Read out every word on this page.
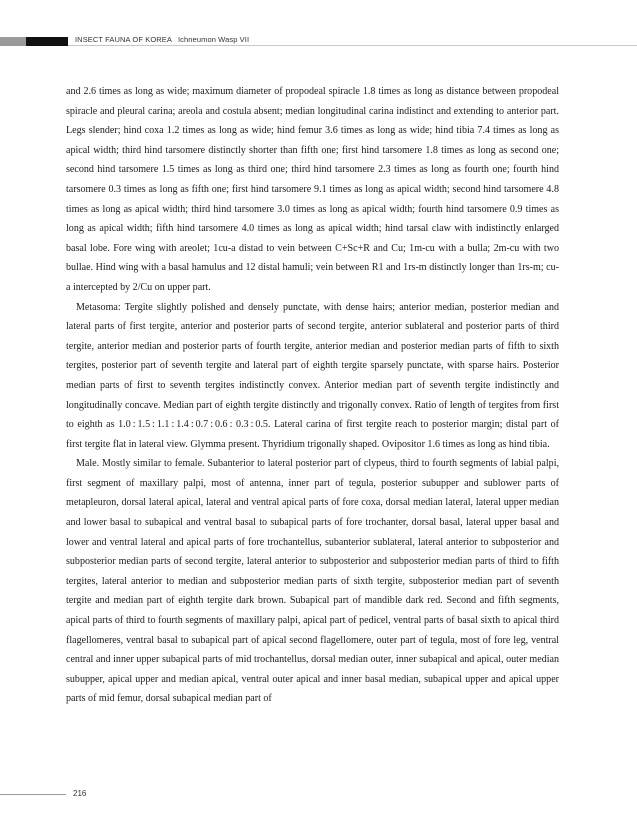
INSECT FAUNA OF KOREA Ichneumon Wasp VII

and 2.6 times as long as wide; maximum diameter of propodeal spiracle 1.8 times as long as distance between propodeal spiracle and pleural carina; areola and costula absent; median longitudinal carina indistinct and extending to anterior part. Legs slender; hind coxa 1.2 times as long as wide; hind femur 3.6 times as long as wide; hind tibia 7.4 times as long as apical width; third hind tarsomere distinctly shorter than fifth one; first hind tarsomere 1.8 times as long as second one; second hind tarsomere 1.5 times as long as third one; third hind tarsomere 2.3 times as long as fourth one; fourth hind tarsomere 0.3 times as long as fifth one; first hind tarsomere 9.1 times as long as apical width; second hind tarsomere 4.8 times as long as apical width; third hind tarsomere 3.0 times as long as apical width; fourth hind tarsomere 0.9 times as long as apical width; fifth hind tarsomere 4.0 times as long as apical width; hind tarsal claw with indistinctly enlarged basal lobe. Fore wing with areolet; 1cu-a distad to vein between C+Sc+R and Cu; 1m-cu with a bulla; 2m-cu with two bullae. Hind wing with a basal hamulus and 12 distal hamuli; vein between R1 and 1rs-m distinctly longer than 1rs-m; cu-a intercepted by 2/Cu on upper part.

Metasoma: Tergite slightly polished and densely punctate, with dense hairs; anterior median, posterior median and lateral parts of first tergite, anterior and posterior parts of second tergite, anterior sublateral and posterior parts of third tergite, anterior median and posterior parts of fourth tergite, anterior median and posterior median parts of fifth to sixth tergites, posterior part of seventh tergite and lateral part of eighth tergite sparsely punctate, with sparse hairs. Posterior median parts of first to seventh tergites indistinctly convex. Anterior median part of seventh tergite indistinctly and longitudinally concave. Median part of eighth tergite distinctly and trigonally convex. Ratio of length of tergites from first to eighth as 1.0 : 1.5 : 1.1 : 1.4 : 0.7 : 0.6 : 0.3 : 0.5. Lateral carina of first tergite reach to posterior margin; distal part of first tergite flat in lateral view. Glymma present. Thyridium trigonally shaped. Ovipositor 1.6 times as long as hind tibia.

Male. Mostly similar to female. Subanterior to lateral posterior part of clypeus, third to fourth segments of labial palpi, first segment of maxillary palpi, most of antenna, inner part of tegula, posterior subupper and sublower parts of metapleuron, dorsal lateral apical, lateral and ventral apical parts of fore coxa, dorsal median lateral, lateral upper median and lower basal to subapical and ventral basal to subapical parts of fore trochanter, dorsal basal, lateral upper basal and lower and ventral lateral and apical parts of fore trochantellus, subanterior sublateral, lateral anterior to subposterior and subposterior median parts of second tergite, lateral anterior to subposterior and subposterior median parts of third to fifth tergites, lateral anterior to median and subposterior median parts of sixth tergite, subposterior median part of seventh tergite and median part of eighth tergite dark brown. Subapical part of mandible dark red. Second and fifth segments, apical parts of third to fourth segments of maxillary palpi, apical part of pedicel, ventral parts of basal sixth to apical third flagellomeres, ventral basal to subapical part of apical second flagellomere, outer part of tegula, most of fore leg, ventral central and inner upper subapical parts of mid trochantellus, dorsal median outer, inner subapical and apical, outer median subupper, apical upper and median apical, ventral outer apical and inner basal median, subapical upper and apical upper parts of mid femur, dorsal subapical median part of

216
